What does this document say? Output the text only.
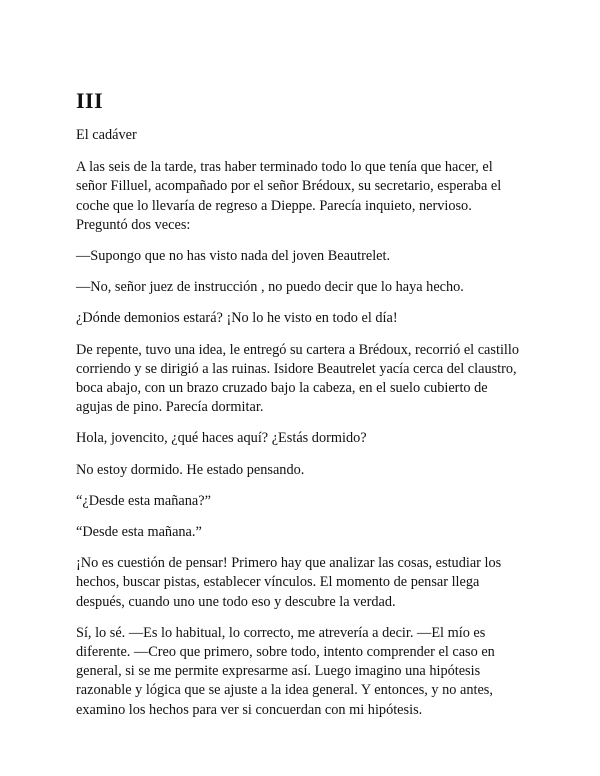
III
El cadáver

A las seis de la tarde, tras haber terminado todo lo que tenía que hacer, el señor Filluel, acompañado por el señor Brédoux, su secretario, esperaba el coche que lo llevaría de regreso a Dieppe. Parecía inquieto, nervioso. Preguntó dos veces:

—Supongo que no has visto nada del joven Beautrelet.

—No, señor juez de instrucción , no puedo decir que lo haya hecho.

¿Dónde demonios estará? ¡No lo he visto en todo el día!

De repente, tuvo una idea, le entregó su cartera a Brédoux, recorrió el castillo corriendo y se dirigió a las ruinas. Isidore Beautrelet yacía cerca del claustro, boca abajo, con un brazo cruzado bajo la cabeza, en el suelo cubierto de agujas de pino. Parecía dormitar.

Hola, jovencito, ¿qué haces aquí? ¿Estás dormido?

No estoy dormido. He estado pensando.

“¿Desde esta mañana?”

“Desde esta mañana.”

¡No es cuestión de pensar! Primero hay que analizar las cosas, estudiar los hechos, buscar pistas, establecer vínculos. El momento de pensar llega después, cuando uno une todo eso y descubre la verdad.

Sí, lo sé. —Es lo habitual, lo correcto, me atrevería a decir. —El mío es diferente. —Creo que primero, sobre todo, intento comprender el caso en general, si se me permite expresarme así. Luego imagino una hipótesis razonable y lógica que se ajuste a la idea general. Y entonces, y no antes, examino los hechos para ver si concuerdan con mi hipótesis.
